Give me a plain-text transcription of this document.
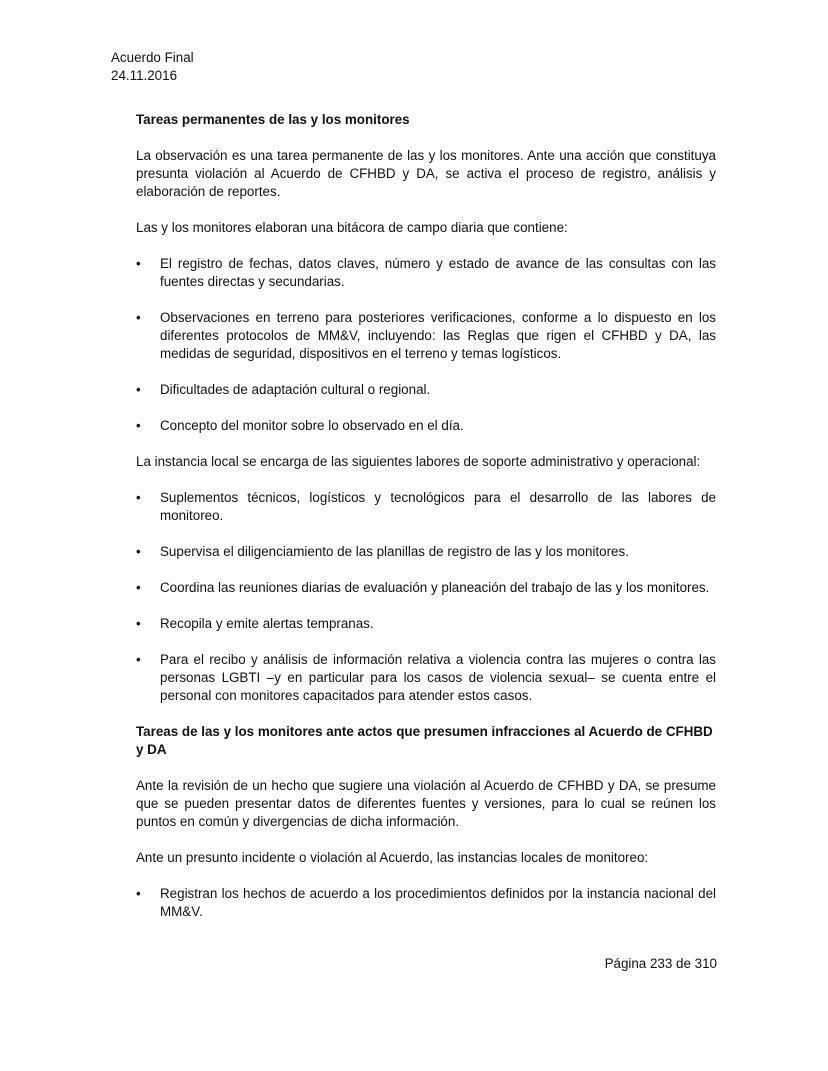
Acuerdo Final
24.11.2016
Tareas permanentes de las y los monitores
La observación es una tarea permanente de las y los monitores. Ante una acción que constituya presunta violación al Acuerdo de CFHBD y DA, se activa el proceso de registro, análisis y elaboración de reportes.
Las y los monitores elaboran una bitácora de campo diaria que contiene:
• El registro de fechas, datos claves, número y estado de avance de las consultas con las fuentes directas y secundarias.
• Observaciones en terreno para posteriores verificaciones, conforme a lo dispuesto en los diferentes protocolos de MM&V, incluyendo: las Reglas que rigen el CFHBD y DA, las medidas de seguridad, dispositivos en el terreno y temas logísticos.
• Dificultades de adaptación cultural o regional.
• Concepto del monitor sobre lo observado en el día.
La instancia local se encarga de las siguientes labores de soporte administrativo y operacional:
• Suplementos técnicos, logísticos y tecnológicos para el desarrollo de las labores de monitoreo.
• Supervisa el diligenciamiento de las planillas de registro de las y los monitores.
• Coordina las reuniones diarias de evaluación y planeación del trabajo de las y los monitores.
• Recopila y emite alertas tempranas.
• Para el recibo y análisis de información relativa a violencia contra las mujeres o contra las personas LGBTI –y en particular para los casos de violencia sexual– se cuenta entre el personal con monitores capacitados para atender estos casos.
Tareas de las y los monitores ante actos que presumen infracciones al Acuerdo de CFHBD y DA
Ante la revisión de un hecho que sugiere una violación al Acuerdo de CFHBD y DA, se presume que se pueden presentar datos de diferentes fuentes y versiones, para lo cual se reúnen los puntos en común y divergencias de dicha información.
Ante un presunto incidente o violación al Acuerdo, las instancias locales de monitoreo:
• Registran los hechos de acuerdo a los procedimientos definidos por la instancia nacional del MM&V.
Página 233 de 310
